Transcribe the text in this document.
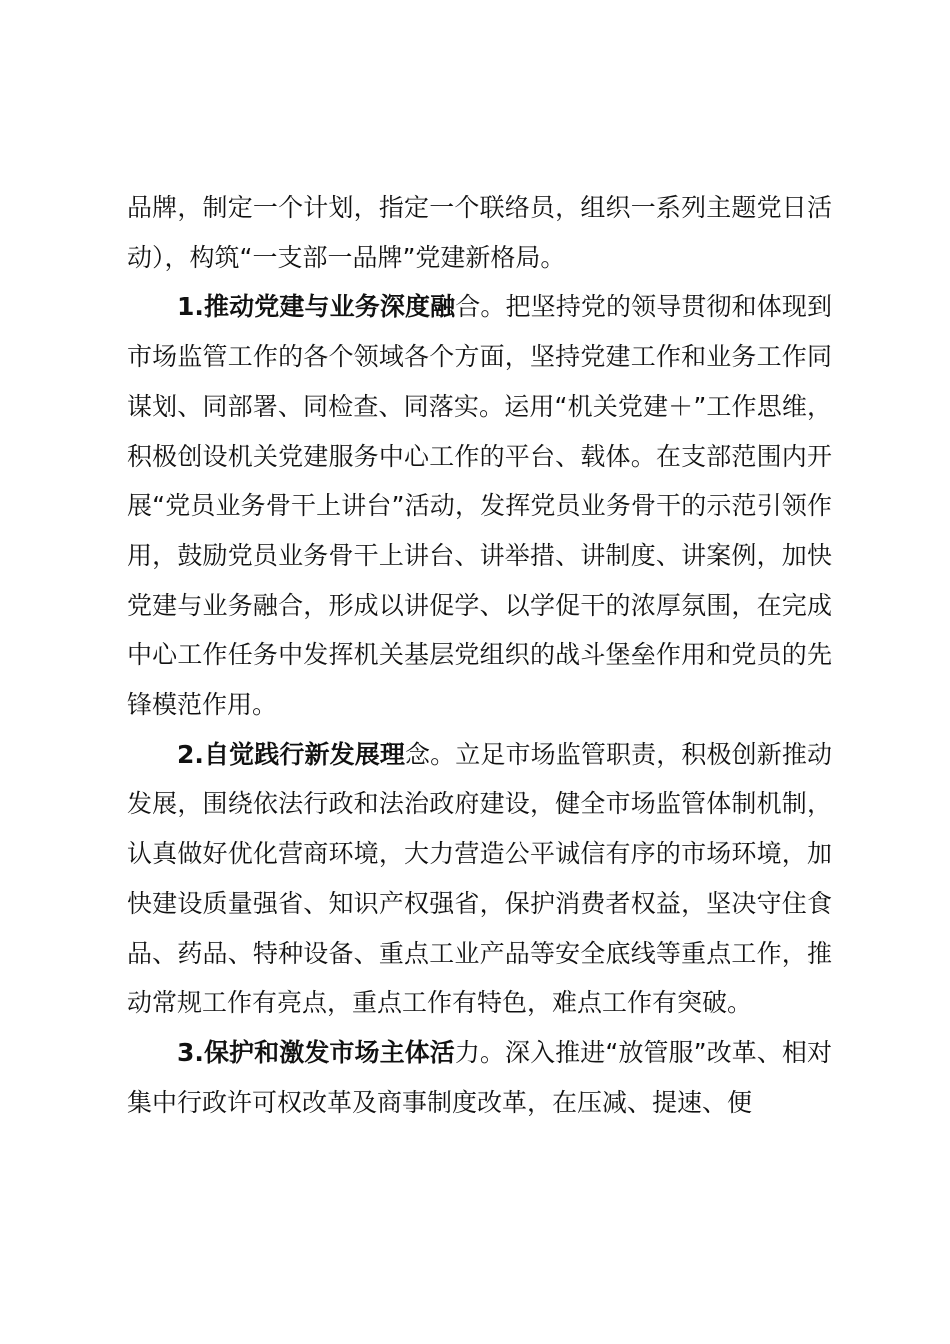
品牌，制定一个计划，指定一个联络员，组织一系列主题党日活动），构筑“一支部一品牌”党建新格局。

1.推动党建与业务深度融合。把坚持党的领导贯彻和体现到市场监管工作的各个领域各个方面，坚持党建工作和业务工作同谋划、同部署、同检查、同落实。运用“机关党建＋”工作思维，积极创设机关党建服务中心工作的平台、载体。在支部范围内开展“党员业务骨干上讲台”活动，发挥党员业务骨干的示范引领作用，鼓励党员业务骨干上讲台、讲举措、讲制度、讲案例，加快党建与业务融合，形成以讲促学、以学促干的浓厚氛围，在完成中心工作任务中发挥机关基层党组织的战斗堡垒作用和党员的先锋模范作用。

2.自觉践行新发展理念。立足市场监管职责，积极创新推动发展，围绕依法行政和法治政府建设，健全市场监管体制机制，认真做好优化营商环境，大力营造公平诚信有序的市场环境，加快建设质量强省、知识产权强省，保护消费者权益，坚决守住食品、药品、特种设备、重点工业产品等安全底线等重点工作，推动常规工作有亮点，重点工作有特色，难点工作有突破。

3.保护和激发市场主体活力。深入推进“放管服”改革、相对集中行政许可权改革及商事制度改革，在压减、提速、便
